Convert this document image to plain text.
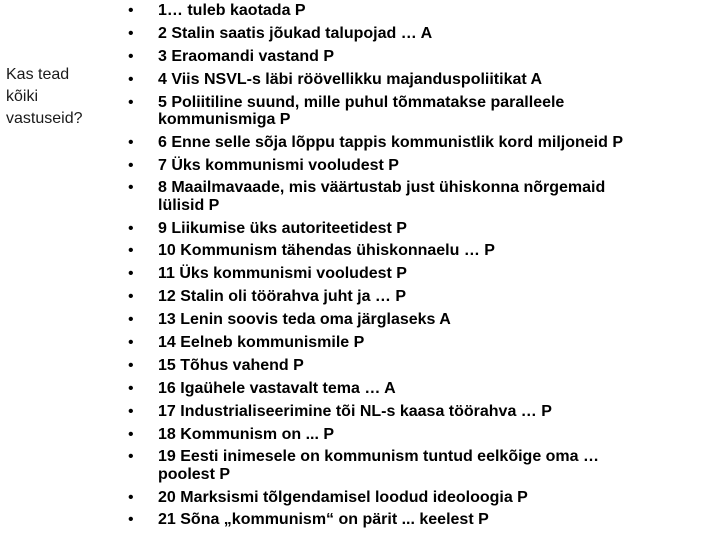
Kas tead
kõiki
vastuseid?
• 1… tuleb kaotada P
• 2 Stalin saatis jõukad talupojad … A
• 3 Eraomandi vastand P
• 4 Viis NSVL-s läbi röövellikku majanduspoliitikat A
• 5 Poliitiline suund, mille puhul tõmmatakse paralleele
kommunismiga P
• 6 Enne selle sõja lõppu tappis kommunistlik kord miljoneid P
• 7 Üks kommunismi vooludest P
• 8 Maailmavaade, mis väärtustab just ühiskonna nõrgemaid
lülisid P
• 9 Liikumise üks autoriteetidest P
• 10 Kommunism tähendas ühiskonnaelu … P
• 11 Üks kommunismi vooludest P
• 12 Stalin oli töörahva juht ja … P
• 13 Lenin soovis teda oma järglaseks A
• 14 Eelneb kommunismile P
• 15 Tõhus vahend P
• 16 Igaühele vastavalt tema … A
• 17 Industrialiseerimine tõi NL-s kaasa töörahva … P
• 18 Kommunism on ... P
• 19 Eesti inimesele on kommunism tuntud eelkõige oma …
poolest P
• 20 Marksismi tõlgendamisel loodud ideoloogia P
• 21 Sõna „kommunism“ on pärit ... keelest P
